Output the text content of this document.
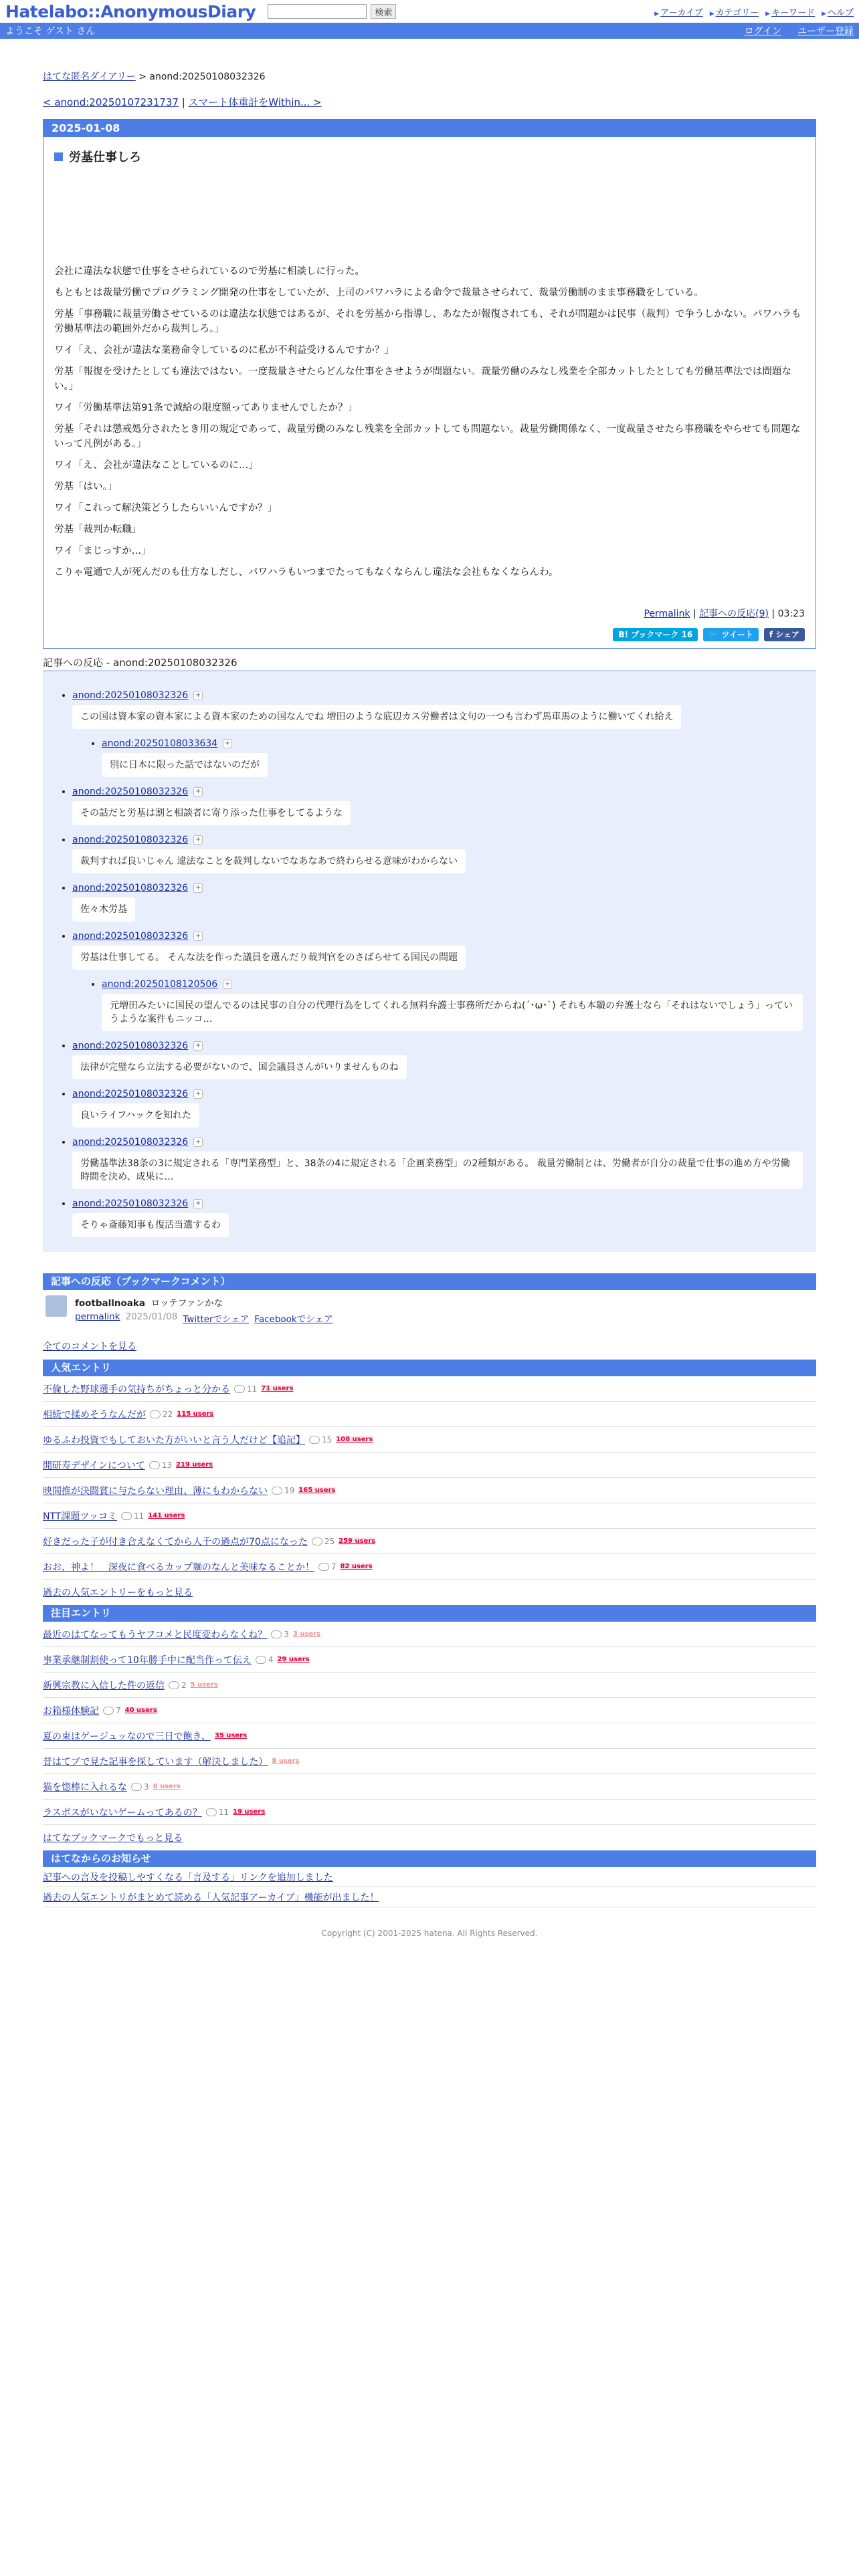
Hatelabo::AnonymousDiary	検索	▶ アーカイブ	▶ カテゴリー	▶ キーワード	▶ ヘルプ
ようこそ ゲスト さん	ログイン ユーザー登録
はてな匿名ダイアリー > anond:20250108032326
< anond:20250107231737 | スマート体重計をWithin... >
2025-01-08
労基仕事しろ

会社に違法な状態で仕事をさせられているので労基に相談しに行った。

もともとは裁量労働でプログラミング開発の仕事をしていたが、上司のパワハラによる命令で裁量させられて、裁量労働制のまま事務職をしている。

労基「事務職に裁量労働させているのは違法な状態ではあるが、それを労基から指導し、あなたが報復されても、それが問題かは民事（裁判）で争うしかない。パワハラも労働基準法の範囲外だから裁判しろ。」

ワイ「え、会社が違法な業務命令しているのに私が不利益受けるんですか？」

労基「報復を受けたとしても違法ではない。一度裁量させたらどんな仕事をさせようが問題ない。裁量労働のみなし残業を全部カットしたとしても労働基準法では問題ない。」

ワイ「労働基準法第91条で減給の限度額ってありませんでしたか？」

労基「それは懲戒処分されたとき用の規定であって、裁量労働のみなし残業を全部カットしても問題ない。裁量労働関係なく、一度裁量させたら事務職をやらせても問題ないって凡例がある。」

ワイ「え、会社が違法なことしているのに…」

労基「はい。」

ワイ「これって解決策どうしたらいいんですか？」

労基「裁判か転職」

ワイ「まじっすか…」

こりゃ電通で人が死んだのも仕方なしだし、パワハラもいつまでたってもなくならんし違法な会社もなくならんわ。

Permalink | 記事への反応(9) | 03:23
B! ブックマーク 16	🐦 ツイート	f シェア
記事への反応 - anond:20250108032326
• anond:20250108032326 +
この国は資本家の資本家による資本家のための国なんでね 増田のような底辺カス労働者は文句の一つも言わず馬車馬のように働いてくれ給え
• anond:20250108033634 +
別に日本に限った話ではないのだが
• anond:20250108032326 +
その話だと労基は割と相談者に寄り添った仕事をしてるような
• anond:20250108032326 +
裁判すれば良いじゃん 違法なことを裁判しないでなあなあで終わらせる意味がわからない
• anond:20250108032326 +
佐々木労基
• anond:20250108032326 +
労基は仕事してる。 そんな法を作った議員を選んだり裁判官をのさばらせてる国民の問題
• anond:20250108120506 +
元増田みたいに国民の望んでるのは民事の自分の代理行為をしてくれる無料弁護士事務所だからね(´･ω･`) それも本職の弁護士なら「それはないでしょう」っていうような案件もニッコ…
• anond:20250108032326 +
法律が完璧なら立法する必要がないので、国会議員さんがいりませんものね
• anond:20250108032326 +
良いライフハックを知れた
• anond:20250108032326 +
労働基準法38条の3に規定される「専門業務型」と、38条の4に規定される「企画業務型」の2種類がある。 裁量労働制とは、労働者が自分の裁量で仕事の進め方や労働時間を決め、成果に…
• anond:20250108032326 +
そりゃ斎藤知事も復活当選するわ
記事への反応（ブックマークコメント）
footballnoaka ロッテファンかな
permalink 2025/01/08 Twitterでシェア Facebookでシェア
全てのコメントを見る
人気エントリ
不倫した野球選手の気持ちがちょっと分かる	11 71 users
相続で揉めそうなんだが	22 115 users
ゆるふわ投資でもしておいた方がいいと言う人だけど【追記】	15 108 users
開研寿デザインについて	13 219 users
映間推が決闘賞に与たらない理由、薄にもわからない	19 165 users
NTT課題ツッコミ	11 141 users
好きだった子が付き合えなくてから人千の過点が70点になった	25 259 users
おお、神よ！　深夜に食べるカップ麺のなんと美味なることか！	7 82 users
過去の人気エントリーをもっと見る
注目エントリ
最近のはてなってもうヤフコメと民度変わらなくね？	3 3 users
事業承継制割使って10年勝手中に配当作って伝え	4 29 users
新興宗教に入信した件の返信	2 5 users
お箱様体験記	7 40 users
夏の束はゲージュッなので三日で飽き、 35 users
昔はてブで見た記事を探しています（解決しました） 8 users
猫を惚棒に入れるな	3 8 users
ラスボスがいないゲームってあるの？	11 19 users
はてなブックマークでもっと見る
はてなからのお知らせ
記事への言及を投稿しやすくなる「言及する」リンクを追加しました
過去の人気エントリがまとめて読める「人気記事アーカイブ」機能が出ました！
Copyright (C) 2001-2025 hatena. All Rights Reserved.
